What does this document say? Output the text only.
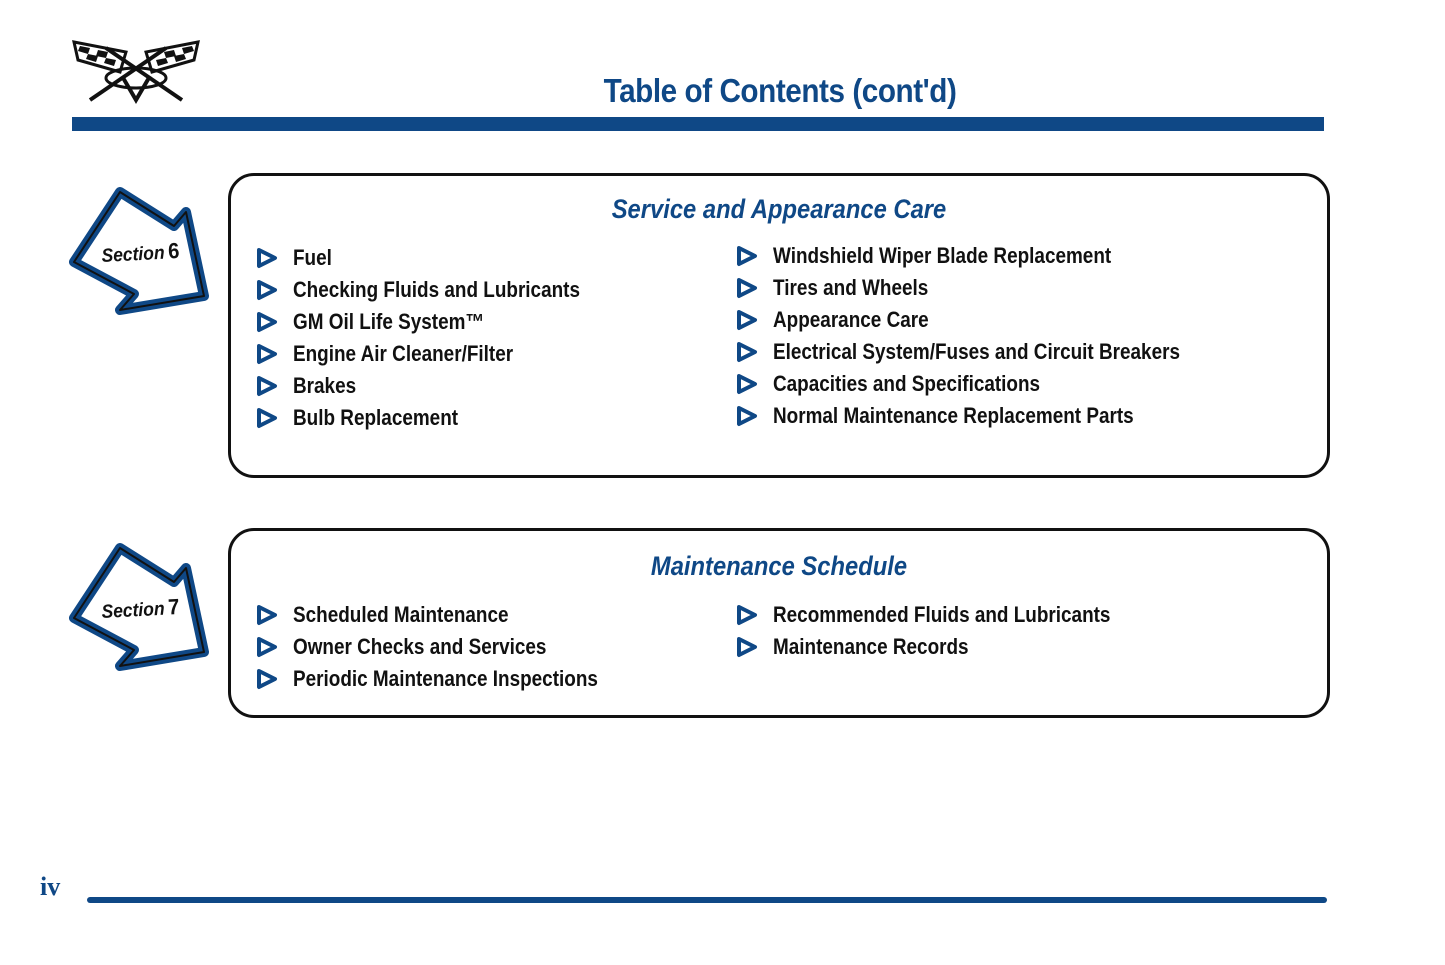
Table of Contents (cont'd)
Section 6
Service and Appearance Care
Fuel
Checking Fluids and Lubricants
GM Oil Life System™
Engine Air Cleaner/Filter
Brakes
Bulb Replacement
Windshield Wiper Blade Replacement
Tires and Wheels
Appearance Care
Electrical System/Fuses and Circuit Breakers
Capacities and Specifications
Normal Maintenance Replacement Parts
Section 7
Maintenance Schedule
Scheduled Maintenance
Owner Checks and Services
Periodic Maintenance Inspections
Recommended Fluids and Lubricants
Maintenance Records
iv
